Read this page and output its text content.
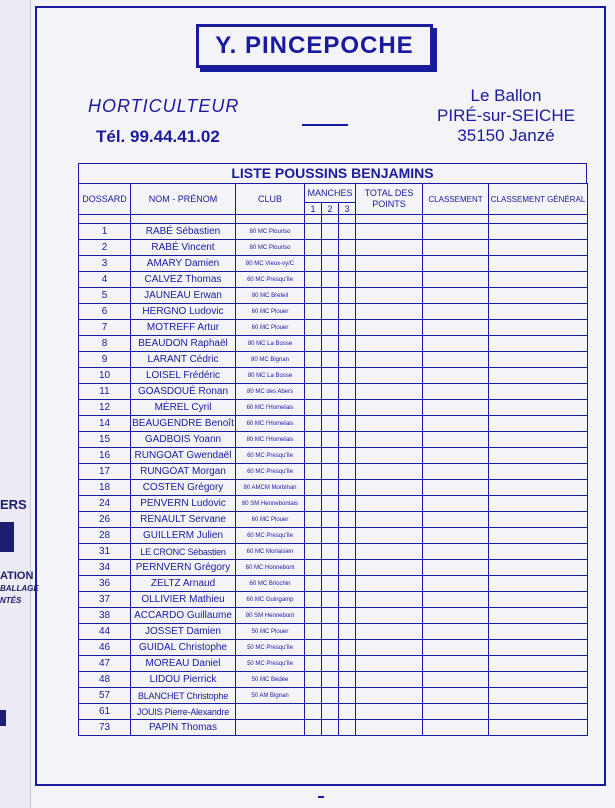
ERS
ATION
BALLAGE
NTÉS
Y. PINCEPOCHE
HORTICULTEUR
Tél. 99.44.41.02
Le Ballon
PIRÉ-sur-SEICHE
35150 Janzé
LISTE POUSSINS BENJAMINS
DOSSARD	NOM - PRÉNOM	CLUB	MANCHES			TOTAL DES POINTS	CLASSEMENT	CLASSEMENT GÉNÉRAL
			1	2	3			

1	RABÉ Sébastien	80 MC Plouriso						
2	RABÉ Vincent	80 MC Plouriso						
3	AMARY Damien	80 MC Vieux-vy/C						
4	CALVEZ Thomas	60 MC Presqu'île						
5	JAUNEAU Erwan	80 MC Breteil						
6	HERGNO Ludovic	60 MC Plouer						
7	MOTREFF Artur	60 MC Plouer						
8	BEAUDON Raphaël	80 MC La Bosse						
9	LARANT Cédric	80 MC Bignan						
10	LOISEL Frédéric	80 MC La Bosse						
11	GOASDOUÉ Ronan	80 MC des Abers						
12	MÉREL Cyril	60 MC l'Homelais						
14	BEAUGENDRE Benoît	60 MC l'Homelais						
15	GADBOIS Yoann	80 MC l'Homelais						
16	RUNGOAT Gwendaël	60 MC Presqu'île						
17	RUNGOAT Morgan	60 MC Presqu'île						
18	COSTEN Grégory	80 AMCM Morbihan						
24	PENVERN Ludovic	80 SM Hennebontais						
26	RENAULT Servane	60 MC Plouer						
28	GUILLERM Julien	60 MC Presqu'île						
31	LE CRONC Sébastien	60 MC Morlaisien						
34	PERNVERN Grégory	60 MC Honnebont						
36	ZELTZ Arnaud	60 MC Briochin						
37	OLLIVIER Mathieu	60 MC Guingamp						
38	ACCARDO Guillaume	80 SM Hennebont						
44	JOSSET Damien	50 MC Plouer						
46	GUIDAL Christophe	50 MC Presqu'île						
47	MOREAU Daniel	50 MC Presqu'île						
48	LIDOU Pierrick	50 MC Bédée						
57	BLANCHET Christophe	50 AM Bignan						
61	JOUIS Pierre-Alexandre							
73	PAPIN Thomas							
